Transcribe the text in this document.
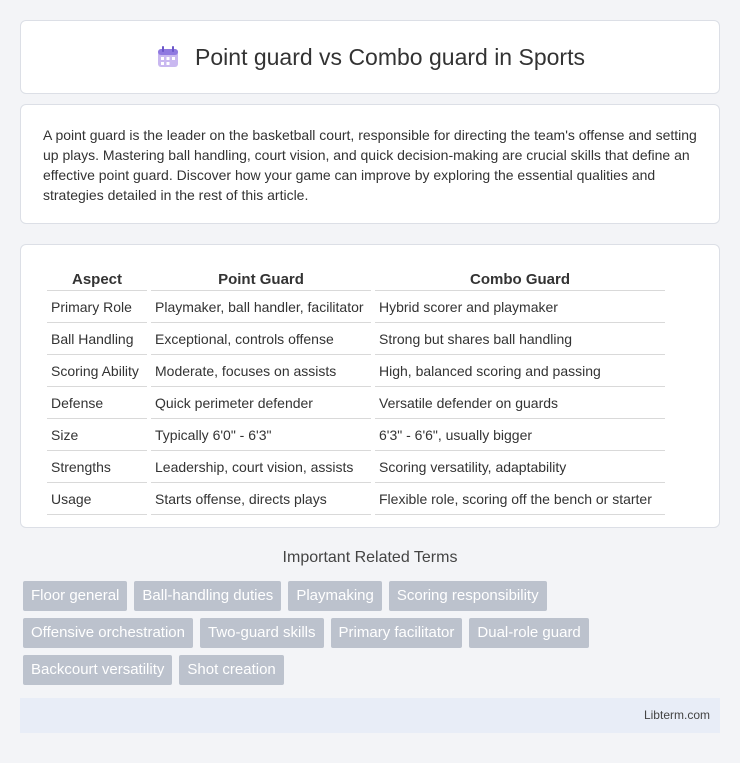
Point guard vs Combo guard in Sports

A point guard is the leader on the basketball court, responsible for directing the team's offense and setting up plays. Mastering ball handling, court vision, and quick decision-making are crucial skills that define an effective point guard. Discover how your game can improve by exploring the essential qualities and strategies detailed in the rest of this article.

Aspect	Point Guard	Combo Guard
Primary Role	Playmaker, ball handler, facilitator	Hybrid scorer and playmaker
Ball Handling	Exceptional, controls offense	Strong but shares ball handling
Scoring Ability	Moderate, focuses on assists	High, balanced scoring and passing
Defense	Quick perimeter defender	Versatile defender on guards
Size	Typically 6'0" - 6'3"	6'3" - 6'6", usually bigger
Strengths	Leadership, court vision, assists	Scoring versatility, adaptability
Usage	Starts offense, directs plays	Flexible role, scoring off the bench or starter
Important Related Terms
Floor general	Ball-handling duties	Playmaking	Scoring responsibility
Offensive orchestration	Two-guard skills	Primary facilitator	Dual-role guard
Backcourt versatility	Shot creation
Libterm.com
